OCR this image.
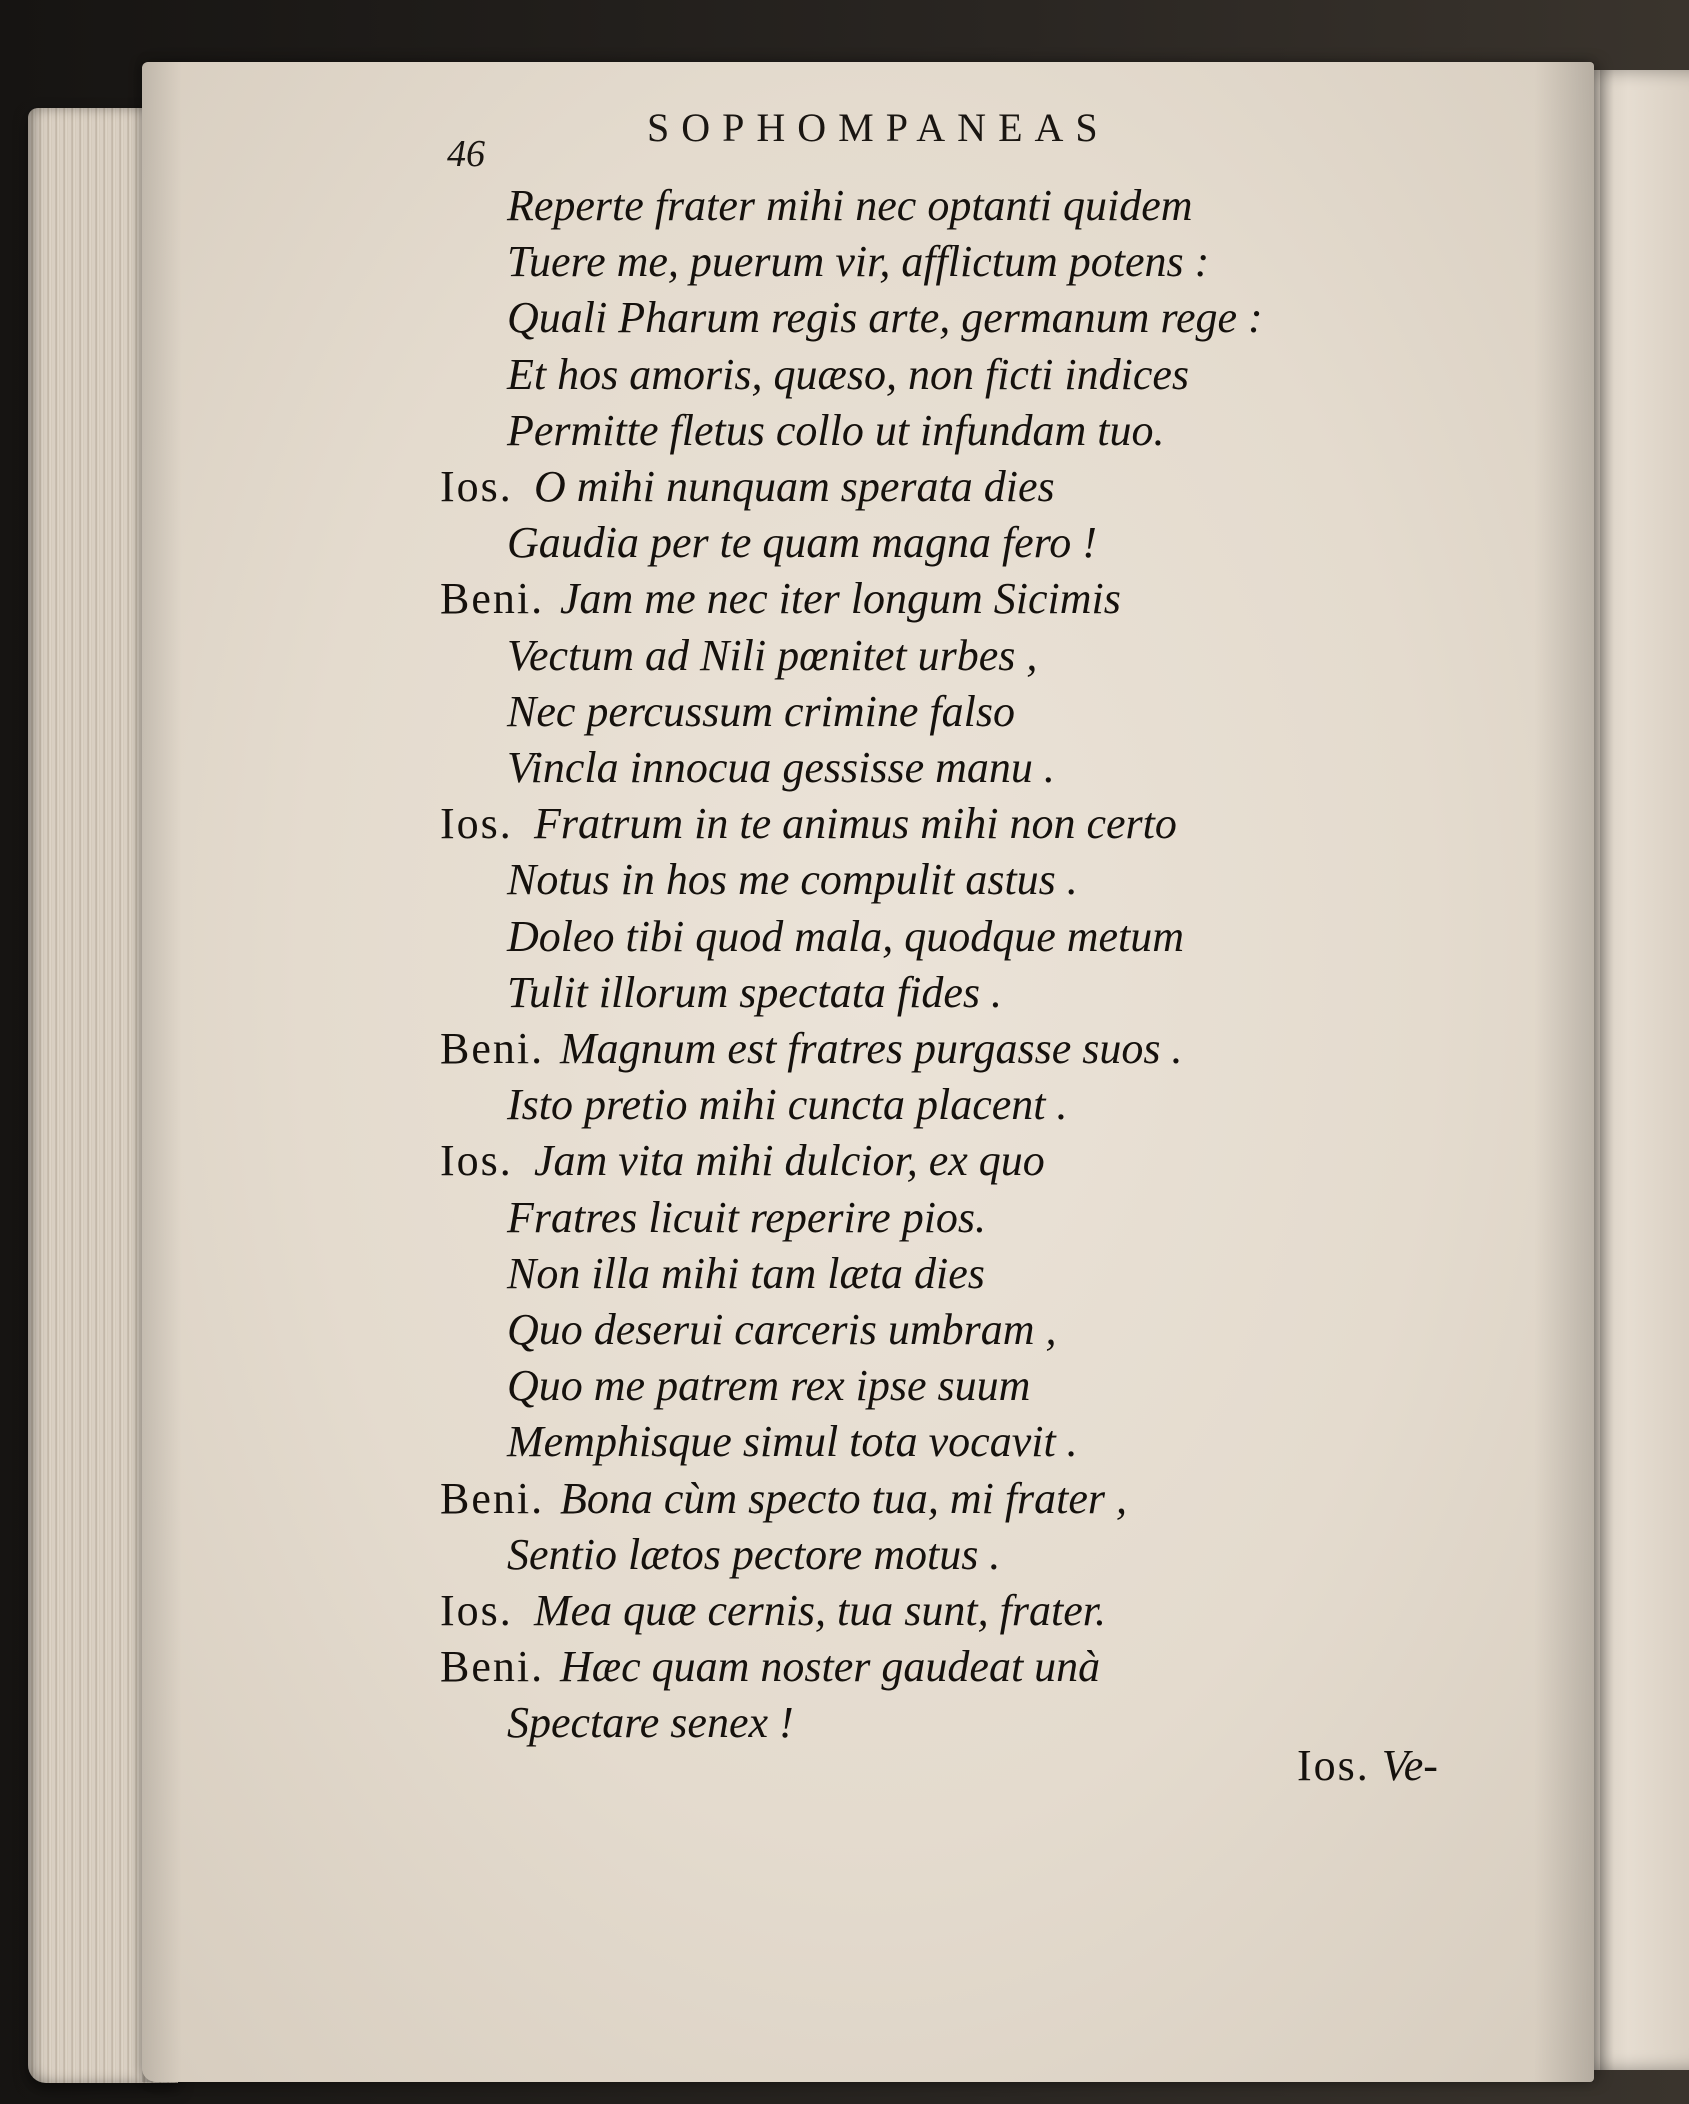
46
SOPHOMPANEAS
Reperte frater mihi nec optanti quidem
Tuere me, puerum vir, afflictum potens :
Quali Pharum regis arte, germanum rege :
Et hos amoris, quæso, non ficti indices
Permitte fletus collo ut infundam tuo.
Ios. O mihi nunquam sperata dies
Gaudia per te quam magna fero !
Beni. Jam me nec iter longum Sicimis
Vectum ad Nili pœnitet urbes ,
Nec percussum crimine falso
Vincla innocua gessisse manu .
Ios. Fratrum in te animus mihi non certo
Notus in hos me compulit astus .
Doleo tibi quod mala, quodque metum
Tulit illorum spectata fides .
Beni. Magnum est fratres purgasse suos .
Isto pretio mihi cuncta placent .
Ios. Jam vita mihi dulcior, ex quo
Fratres licuit reperire pios.
Non illa mihi tam læta dies
Quo deserui carceris umbram ,
Quo me patrem rex ipse suum
Memphisque simul tota vocavit .
Beni. Bona cùm specto tua, mi frater ,
Sentio lætos pectore motus .
Ios. Mea quæ cernis, tua sunt, frater.
Beni. Hæc quam noster gaudeat unà
Spectare senex !
Ios. Ve-
